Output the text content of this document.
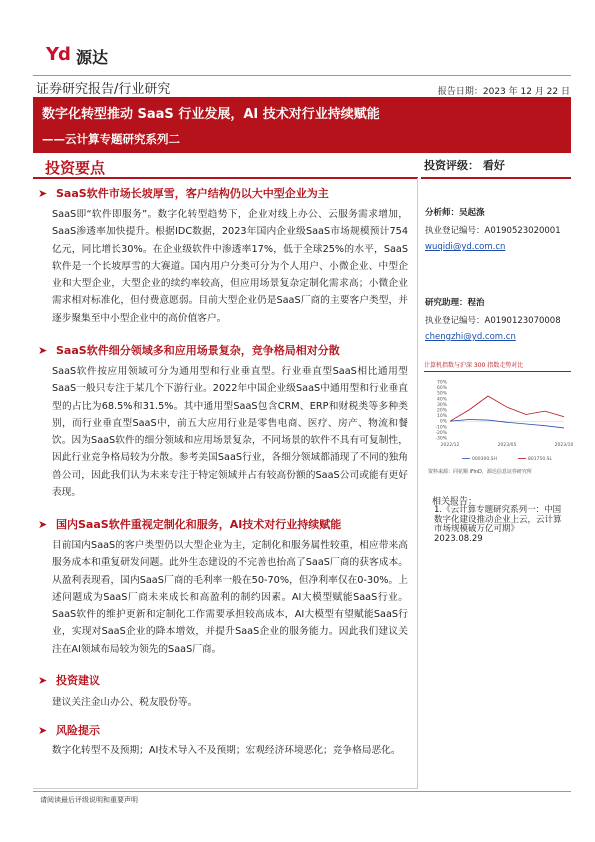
Yd 源达
证券研究报告/行业研究	报告日期：2023 年 12 月 22 日
数字化转型推动 SaaS 行业发展，AI 技术对行业持续赋能
——云计算专题研究系列二
投资要点	投资评级： 看好
➤ SaaS软件市场长坡厚雪，客户结构仍以大中型企业为主

SaaS即“软件即服务”。数字化转型趋势下，企业对线上办公、云服务需求增加，SaaS渗透率加快提升。根据IDC数据，2023年国内企业级SaaS市场规模预计754亿元，同比增长30%。在企业级软件中渗透率17%，低于全球25%的水平，SaaS软件是一个长坡厚雪的大赛道。国内用户分类可分为个人用户、小微企业、中型企业和大型企业，大型企业的续约率较高，但应用场景复杂定制化需求高；小微企业需求相对标准化，但付费意愿弱。目前大型企业仍是SaaS厂商的主要客户类型，并逐步聚集至中小型企业中的高价值客户。

➤ SaaS软件细分领域多和应用场景复杂，竞争格局相对分散

SaaS软件按应用领域可分为通用型和行业垂直型。行业垂直型SaaS相比通用型SaaS一般只专注于某几个下游行业。2022年中国企业级SaaS中通用型和行业垂直型的占比为68.5%和31.5%。其中通用型SaaS包含CRM、ERP和财税类等多种类别，而行业垂直型SaaS中，前五大应用行业是零售电商、医疗、房产、物流和餐饮。因为SaaS软件的细分领域和应用场景复杂，不同场景的软件不具有可复制性，因此行业竞争格局较为分散。参考美国SaaS行业，各细分领域都涌现了不同的独角兽公司，因此我们认为未来专注于特定领域并占有较高份额的SaaS公司或能有更好表现。

➤ 国内SaaS软件重视定制化和服务，AI技术对行业持续赋能

目前国内SaaS的客户类型仍以大型企业为主，定制化和服务属性较重，相应带来高服务成本和重复研发问题。此外生态建设的不完善也抬高了SaaS厂商的获客成本。从盈利表现看，国内SaaS厂商的毛利率一般在50-70%，但净利率仅在0-30%。上述问题成为SaaS厂商未来成长和高盈利的制约因素。AI大模型赋能SaaS行业。SaaS软件的维护更新和定制化工作需要承担较高成本，AI大模型有望赋能SaaS行业，实现对SaaS企业的降本增效，并提升SaaS企业的服务能力。因此我们建议关注在AI领域布局较为领先的SaaS厂商。

➤ 投资建议

建议关注金山办公、税友股份等。

➤ 风险提示

数字化转型不及预期；AI技术导入不及预期；宏观经济环境恶化；竞争格局恶化。

分析师：吴起涤
执业登记编号：A0190523020001
wuqidi@yd.com.cn
研究助理：程治
执业登记编号：A0190123070008
chengzhi@yd.com.cn
计算机指数与沪深 300 指数走势对比
70%
60%
50%
40%
30%
20%
10%
0%
-10%
-20%
-30%
2022/12	2023/05	2023/10
000300.SH	801750.SL
资料来源：同花顺 iFinD，源达信息证券研究所
相关报告：
1.《云计算专题研究系列一：中国数字化建设推动企业上云，云计算市场规模破万亿可期》 2023.08.29
请阅读最后评级说明和重要声明
